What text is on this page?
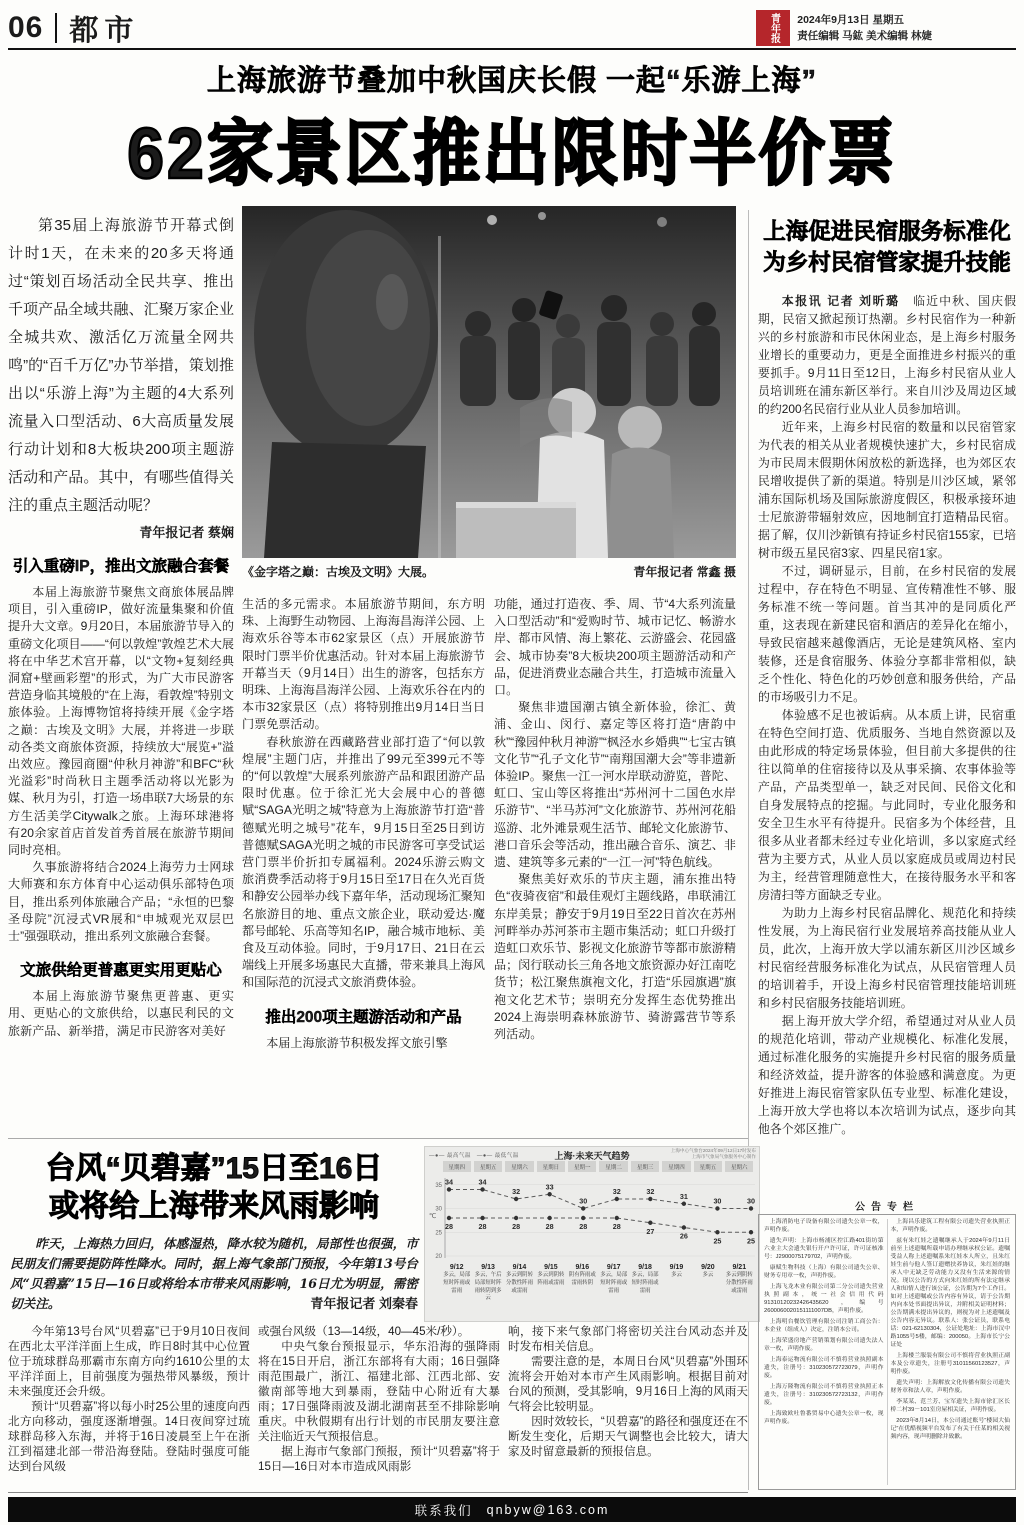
06 都市	青年报	2024年9月13日 星期五
责任编辑 马鈜 美术编辑 林婕
上海旅游节叠加中秋国庆长假 一起“乐游上海”
62家景区推出限时半价票
第35届上海旅游节开幕式倒计时1天，在未来的20多天将通过“策划百场活动全民共享、推出千项产品全域共融、汇聚万家企业全城共欢、激活亿万流量全网共鸣”的“百千万亿”办节举措，策划推出以“乐游上海”为主题的4大系列流量入口型活动、6大高质量发展行动计划和8大板块200项主题游活动和产品。其中，有哪些值得关注的重点主题活动呢？
青年报记者 蔡娴
引入重磅IP，推出文旅融合套餐
本届上海旅游节聚焦文商旅体展品牌项目，引入重磅IP，做好流量集聚和价值提升大文章。9月20日，本届旅游节导入的重磅文化项目——“何以敦煌”敦煌艺术大展将在中华艺术宫开幕，以“文物+复刻经典洞窟+壁画彩塑”的形式，为广大市民游客营造身临其境般的“在上海，看敦煌”特别文旅体验。上海博物馆将持续开展《金字塔之巅：古埃及文明》大展，并将进一步联动各类文商旅体资源，持续放大“展览+”溢出效应。豫园商圈“仲秋月神游”和BFC“秋光溢彩”时尚秋日主题季活动将以光影为媒、秋月为引，打造一场串联7大场景的东方生活美学Citywalk之旅。上海环球港将有20余家首店首发首秀首展在旅游节期间同时亮相。
久事旅游将结合2024上海劳力士网球大师赛和东方体育中心运动俱乐部特色项目，推出系列体旅融合产品；“永恒的巴黎圣母院”沉浸式VR展和“申城观光双层巴士”强强联动，推出系列文旅融合套餐。
文旅供给更普惠更实用更贴心
本届上海旅游节聚焦更普惠、更实用、更贴心的文旅供给，以惠民利民的文旅新产品、新举措，满足市民游客对美好
《金字塔之巅：古埃及文明》大展。	青年报记者 常鑫 摄
生活的多元需求。本届旅游节期间，东方明珠、上海野生动物园、上海海昌海洋公园、上海欢乐谷等本市62家景区（点）开展旅游节限时门票半价优惠活动。针对本届上海旅游节开幕当天（9月14日）出生的游客，包括东方明珠、上海海昌海洋公园、上海欢乐谷在内的本市32家景区（点）将特别推出9月14日当日门票免票活动。
春秋旅游在西藏路营业部打造了“何以敦煌展”主题门店，并推出了99元至399元不等的“何以敦煌”大展系列旅游产品和跟团游产品限时优惠。位于徐汇光大会展中心的普德赋“SAGA光明之城”特意为上海旅游节打造“普德赋光明之城号”花车，9月15日至25日到访普德赋SAGA光明之城的市民游客可享受试运营门票半价折扣专属福利。2024乐游云购文旅消费季活动将于9月15日至17日在久光百货和静安公园举办线下嘉年华，活动现场汇聚知名旅游目的地、重点文旅企业，联动爱达·魔都号邮轮、乐高等知名IP，融合城市地标、美食及互动体验。同时，于9月17日、21日在云端线上开展多场惠民大直播，带来兼具上海风和国际范的沉浸式文旅消费体验。
推出200项主题游活动和产品
本届上海旅游节积极发挥文旅引擎
功能，通过打造夜、季、周、节“4大系列流量入口型活动”和“爱购时节、城市记忆、畅游水岸、都市风情、海上繁花、云游盛会、花园盛会、城市协奏”8大板块200项主题游活动和产品，促进消费业态融合共生，打造城市流量入口。
聚焦非遗国潮古镇全新体验，徐汇、黄浦、金山、闵行、嘉定等区将打造“唐韵中秋”“豫园仲秋月神游”“枫泾水乡婚典”“七宝古镇文化节”“孔子文化节”“南翔国潮大会”等非遗新体验IP。聚焦一江一河水岸联动游览，普陀、虹口、宝山等区将推出“苏州河十二国色水岸乐游节”、“半马苏河”文化旅游节、苏州河花船巡游、北外滩景观生活节、邮轮文化旅游节、港口音乐会等活动，推出融合音乐、演艺、非遗、建筑等多元素的“一江一河”特色航线。
聚焦美好欢乐的节庆主题，浦东推出特色“夜骑夜宿”和最佳观灯主题线路，串联浦江东岸美景；静安于9月19日至22日首次在苏州河畔举办苏河茶市主题市集活动；虹口升级打造虹口欢乐节、影视文化旅游节等都市旅游精品；闵行联动长三角各地文旅资源办好江南吃货节；松江聚焦旗袍文化，打造“乐园旗遇”旗袍文化艺术节；崇明充分发挥生态优势推出2024上海崇明森林旅游节、骑游露营节等系列活动。
上海促进民宿服务标准化
为乡村民宿管家提升技能
本报讯 记者 刘昕璐　临近中秋、国庆假期，民宿又掀起预订热潮。乡村民宿作为一种新兴的乡村旅游和市民休闲业态，是上海乡村服务业增长的重要动力，更是全面推进乡村振兴的重要抓手。9月11日至12日，上海乡村民宿从业人员培训班在浦东新区举行。来自川沙及周边区域的约200名民宿行业从业人员参加培训。
近年来，上海乡村民宿的数量和以民宿管家为代表的相关从业者规模快速扩大，乡村民宿成为市民周末假期休闲放松的新选择，也为郊区农民增收提供了新的渠道。特别是川沙区域，紧邻浦东国际机场及国际旅游度假区，积极承接环迪士尼旅游带辐射效应，因地制宜打造精品民宿。据了解，仅川沙新镇有持证乡村民宿155家，已培树市级五星民宿3家、四星民宿1家。
不过，调研显示，目前，在乡村民宿的发展过程中，存在特色不明显、宣传精准性不够、服务标准不统一等问题。首当其冲的是同质化严重，这表现在新建民宿和酒店的差异化在缩小，导致民宿越来越像酒店，无论是建筑风格、室内装修，还是食宿服务、体验分享都非常相似，缺乏个性化、特色化的巧妙创意和服务供给，产品的市场吸引力不足。
体验感不足也被诟病。从本质上讲，民宿重在特色空间打造、优质服务、当地自然资源以及由此形成的特定场景体验，但目前大多提供的往往以简单的住宿接待以及从事采摘、农事体验等产品，产品类型单一，缺乏对民间、民俗文化和自身发展特点的挖掘。与此同时，专业化服务和安全卫生水平有待提升。民宿多为个体经营，且很多从业者都未经过专业化培训，多以家庭式经营为主要方式，从业人员以家庭成员或周边村民为主，经营管理随意性大，在接待服务水平和客房清扫等方面缺乏专业。
为助力上海乡村民宿品牌化、规范化和持续性发展，为上海民宿行业发展培养高技能从业人员，此次，上海开放大学以浦东新区川沙区域乡村民宿经营服务标准化为试点，从民宿管理人员的培训着手，开设上海乡村民宿管理技能培训班和乡村民宿服务技能培训班。
据上海开放大学介绍，希望通过对从业人员的规范化培训，带动产业规模化、标准化发展，通过标准化服务的实施提升乡村民宿的服务质量和经济效益，提升游客的体验感和满意度。为更好推进上海民宿管家队伍专业型、标准化建设，上海开放大学也将以本次培训为试点，逐步向其他各个郊区推广。
台风“贝碧嘉”15日至16日
或将给上海带来风雨影响
昨天，上海热力回归，体感湿热，降水较为随机，局部性也很强，市民朋友们需要提防阵性降水。同时，据上海气象部门预报，今年第13号台风“贝碧嘉”15日—16日或将给本市带来风雨影响，16日尤为明显，需密切关注。	青年报记者 刘秦春
—●— 最高气温　—●— 最低气温	上海·未来天气趋势
上海中心气象台2024年09月12日17时发布
上海市气象局气象服务中心制作
星期四	星期五	星期六	星期日	星期一	星期二	星期三	星期四	星期五	星期六
35
30
25
20
℃
34	34
32
33
30
32	32
31
30	30
28	28	28	28	28	28
27
26
25	25
9/12	9/13	9/14	9/15	9/16	9/17	9/18	9/19	9/20	9/21
多云，局部短时阵雨或雷雨
多云，午后局部短时阵雨转阴到多云
多云到阴转分散性阵雨或雷雨
多云到阴转阵雨或雷雨
阴有阵雨或雷雨转阴
多云，局部短时阵雨或雷雨
多云，局部短时阵雨或雷雨
多云	多云	多云到阴转分散性阵雨或雷雨
今年第13号台风“贝碧嘉”已于9月10日夜间在西北太平洋洋面上生成，昨日8时其中心位置位于琉球群岛那霸市东南方向约1610公里的太平洋洋面上，目前强度为强热带风暴级，预计未来强度还会升级。
预计“贝碧嘉”将以每小时25公里的速度向西北方向移动，强度逐渐增强。14日夜间穿过琉球群岛移入东海，并将于16日凌晨至上午在浙江到福建北部一带沿海登陆。登陆时强度可能达到台风级
或强台风级（13—14级，40—45米/秒）。
中央气象台预报显示，华东沿海的强降雨将在15日开启，浙江东部将有大雨；16日强降雨范围最广，浙江、福建北部、江西北部、安徽南部等地大到暴雨，登陆中心附近有大暴雨；17日强降雨波及湖北湖南甚至不排除影响重庆。中秋假期有出行计划的市民朋友要注意关注临近天气预报信息。
据上海市气象部门预报，预计“贝碧嘉”将于15日—16日对本市造成风雨影
响，接下来气象部门将密切关注台风动态并及时发布相关信息。
需要注意的是，本周日台风“贝碧嘉”外围环流将会开始对本市产生风雨影响。根据目前对台风的预测，受其影响，9月16日上海的风雨天气将会比较明显。
因时效较长，“贝碧嘉”的路径和强度还在不断发生变化，后期天气调整也会比较大，请大家及时留意最新的预报信息。
公告专栏

上海消防电子设备有限公司遗失公章一枚，声明作废。

遗失声明：上海市杨浦区控江路401街坊第六业主大会遗失银行开户许可证，许可证核准号：J2900075179702，声明作废。

康赋生物科技（上海）有限公司遗失公章、财务专用章一枚，声明作废。

上海飞龙木业有限公司第二分公司遗失营业执照副本，统一社会信用代码91310120232426435620，编号2600060020151111007DB，声明作废。

上海明台餐饮管理有限公司注销工商公告：本企业（组成人）决定，注销本公司。

上海荣盛房地产营销策划有限公司遗失法人章一枚，声明作废。

上海泰运物流有限公司不慎将营业执照副本遗失，注册号：310230572723079，声明作废。

上海万隆物流有限公司不慎将营业执照正本遗失，注册号：310230572723132，声明作废。

上海致欧吐鲁番贸易中心遗失公章一枚，现声明作废。

上海昌乐建筑工程有限公司遗失营业执照正本，声明作废。

兹有朱红娃之遗嘱继承人于2024年9月11日前至上述遗嘱所载申请办理继承权公证。遗嘱受益人称上述遗嘱系朱红娃本人所立，且朱红娃生前与他人签订遗赠扶养协议，朱红娃的继承人中无缺乏劳动能力又没有生活来源的情况。现以公告的方式向朱红娃的所有法定继承人和知情人进行该公证，公告期为7个工作日。如对上述遗嘱或公告内容有异议，请于公告期内向本处书面提出异议，并附相关证明材料；公告期满未提出异议的，则视为对上述遗嘱及公告内容无异议。联系人：张公证员，联系电话：021-62130304，公证处地址：上海市汉中路1055号5楼，邮编：200050。上海市长宁公证处

上海楼兰服装有限公司不慎将营业执照正副本及公章遗失，注册号31011560123527，声明作废。

遗失声明：上海解放文化传播有限公司遗失财务章和法人章，声明作废。

李某某、范兰芳、宝军遗失上海市徐汇区长桥二村39－101室房屋相关证，声明作废。

2023年8月14日，本公司通过账号“楼园大仙记”在优酷视频平台发布了有关于任某的相关视频内容，现声明删除并致歉。

联系我们 qnbyw@163.com
